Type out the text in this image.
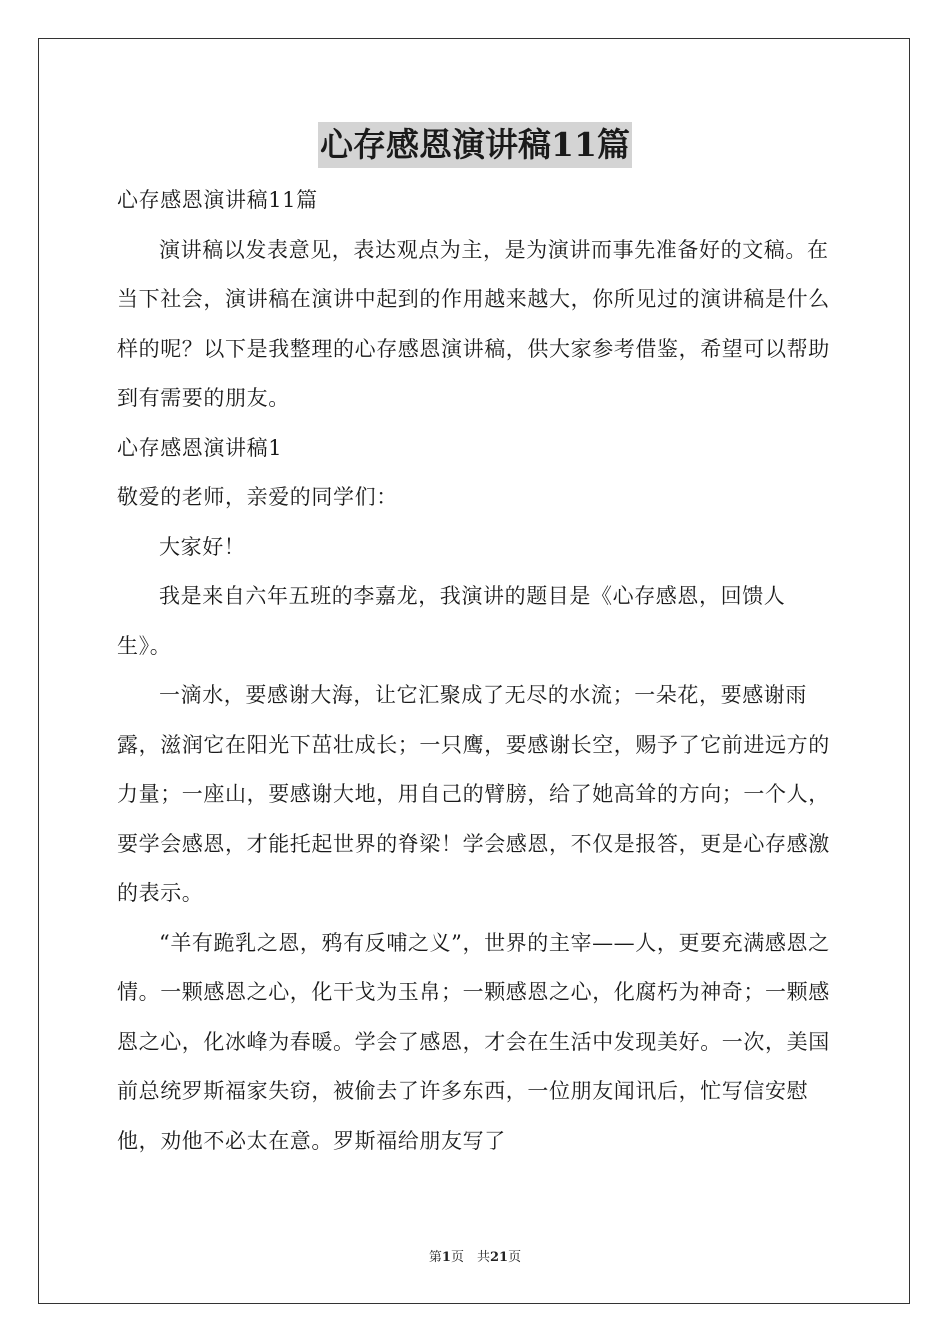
心存感恩演讲稿11篇

心存感恩演讲稿11篇

演讲稿以发表意见，表达观点为主，是为演讲而事先准备好的文稿。在当下社会，演讲稿在演讲中起到的作用越来越大，你所见过的演讲稿是什么样的呢？以下是我整理的心存感恩演讲稿，供大家参考借鉴，希望可以帮助到有需要的朋友。

心存感恩演讲稿1

敬爱的老师，亲爱的同学们：

大家好！

我是来自六年五班的李嘉龙，我演讲的题目是《心存感恩，回馈人生》。

一滴水，要感谢大海，让它汇聚成了无尽的水流；一朵花，要感谢雨露，滋润它在阳光下茁壮成长；一只鹰，要感谢长空，赐予了它前进远方的力量；一座山，要感谢大地，用自己的臂膀，给了她高耸的方向；一个人，要学会感恩，才能托起世界的脊梁！学会感恩，不仅是报答，更是心存感激的表示。

“羊有跪乳之恩，鸦有反哺之义”，世界的主宰——人，更要充满感恩之情。一颗感恩之心，化干戈为玉帛；一颗感恩之心，化腐朽为神奇；一颗感恩之心，化冰峰为春暖。学会了感恩，才会在生活中发现美好。一次，美国前总统罗斯福家失窃，被偷去了许多东西，一位朋友闻讯后，忙写信安慰他，劝他不必太在意。罗斯福给朋友写了

第1页　共21页
